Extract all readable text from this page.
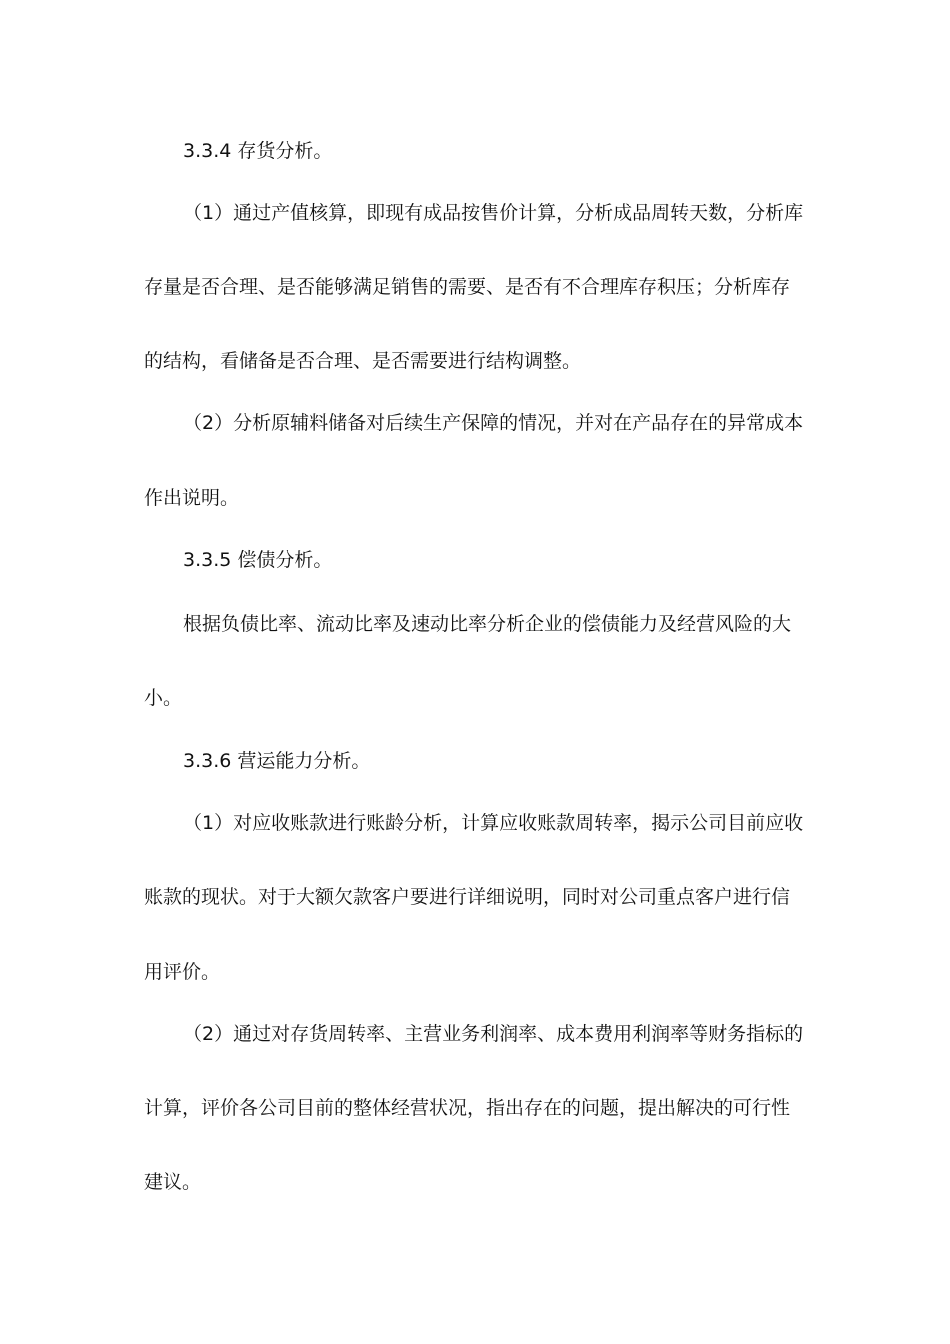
3.3.4 存货分析。
（1）通过产值核算，即现有成品按售价计算，分析成品周转天数，分析库
存量是否合理、是否能够满足销售的需要、是否有不合理库存积压；分析库存
的结构，看储备是否合理、是否需要进行结构调整。
（2）分析原辅料储备对后续生产保障的情况，并对在产品存在的异常成本
作出说明。
3.3.5 偿债分析。
根据负债比率、流动比率及速动比率分析企业的偿债能力及经营风险的大
小。
3.3.6 营运能力分析。
（1）对应收账款进行账龄分析，计算应收账款周转率，揭示公司目前应收
账款的现状。对于大额欠款客户要进行详细说明，同时对公司重点客户进行信
用评价。
（2）通过对存货周转率、主营业务利润率、成本费用利润率等财务指标的
计算，评价各公司目前的整体经营状况，指出存在的问题，提出解决的可行性
建议。
